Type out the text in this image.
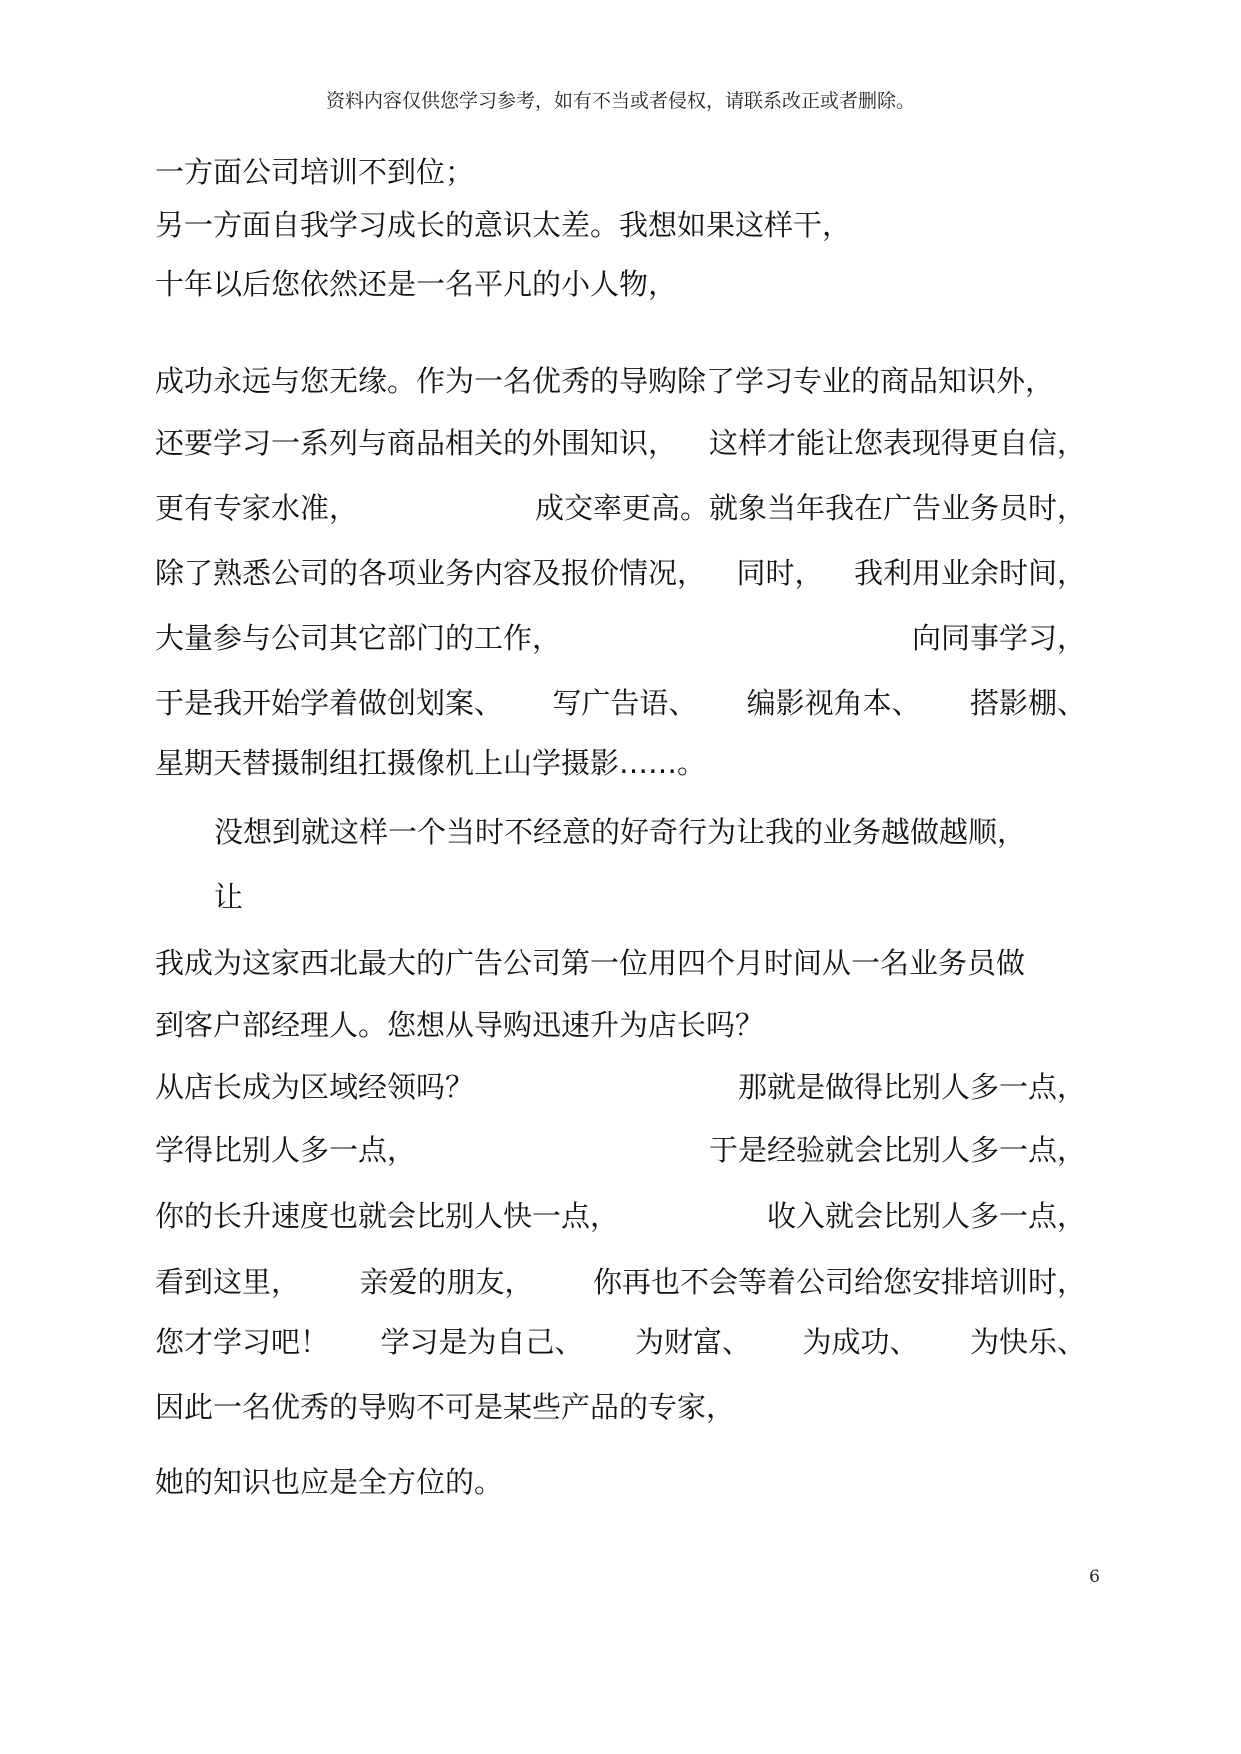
资料内容仅供您学习参考，如有不当或者侵权，请联系改正或者删除。
一方面公司培训不到位；
另一方面自我学习成长的意识太差。我想如果这样干，
十年以后您依然还是一名平凡的小人物，
成功永远与您无缘。作为一名优秀的导购除了学习专业的商品知识外，
还要学习一系列与商品相关的外围知识， 这样才能让您表现得更自信，
更有专家水准，	成交率更高。就象当年我在广告业务员时，
除了熟悉公司的各项业务内容及报价情况， 同时， 我利用业余时间，
大量参与公司其它部门的工作，	向同事学习，
于是我开始学着做创划案、 写广告语、 编影视角本、 搭影棚、
星期天替摄制组扛摄像机上山学摄影……。
没想到就这样一个当时不经意的好奇行为让我的业务越做越顺，
让
我成为这家西北最大的广告公司第一位用四个月时间从一名业务员做
到客户部经理人。您想从导购迅速升为店长吗？
从店长成为区域经领吗？	那就是做得比别人多一点，
学得比别人多一点，	于是经验就会比别人多一点，
你的长升速度也就会比别人快一点，	收入就会比别人多一点，
看到这里， 亲爱的朋友， 你再也不会等着公司给您安排培训时，
您才学习吧！ 学习是为自己、 为财富、 为成功、 为快乐、
因此一名优秀的导购不可是某些产品的专家，
她的知识也应是全方位的。
6
